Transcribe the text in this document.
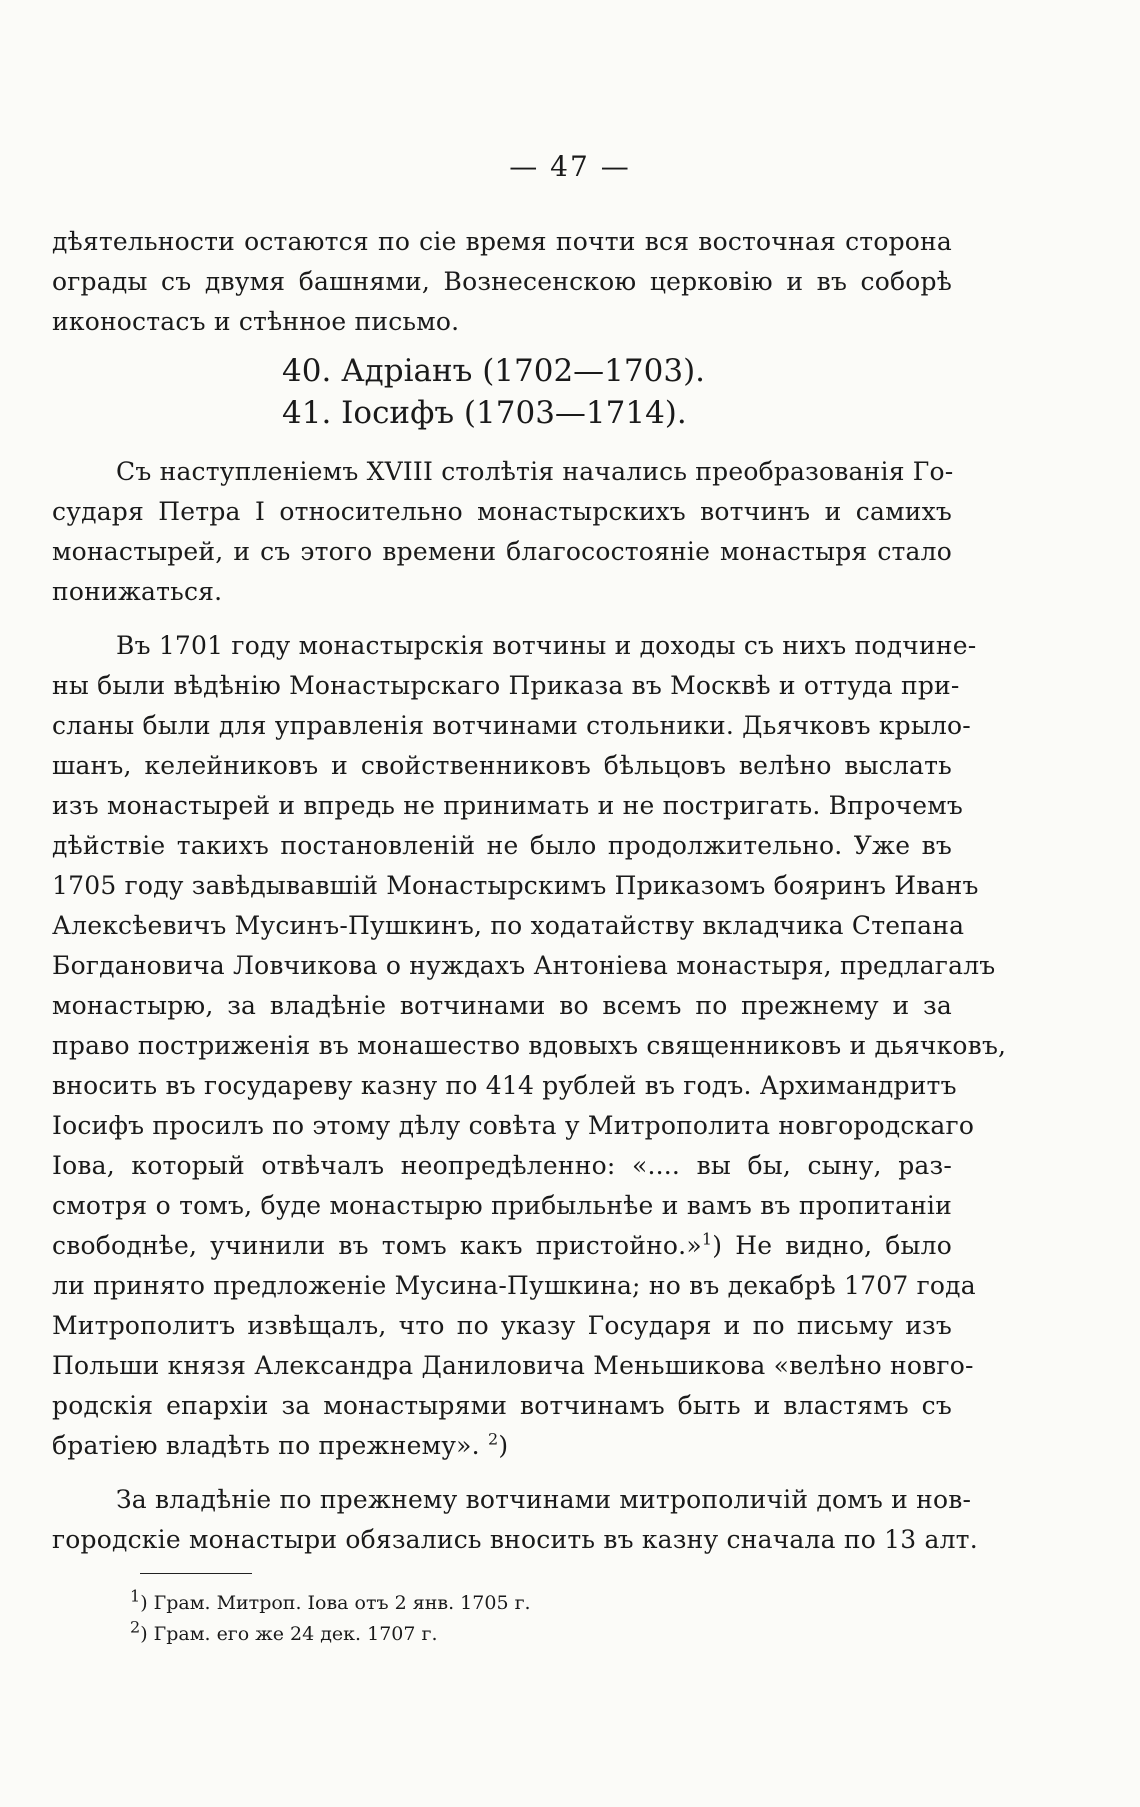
— 47 —
дѣятельности остаются по сіе время почти вся восточная сторона
ограды съ двумя башнями, Вознесенскою церковію и въ соборѣ
иконостасъ и стѣнное письмо.
40. Адріанъ (1702—1703).
41. Іосифъ (1703—1714).
Съ наступленіемъ XVIII столѣтія начались преобразованія Го-
сударя Петра I относительно монастырскихъ вотчинъ и самихъ
монастырей, и съ этого времени благосостояніе монастыря стало
понижаться.
Въ 1701 году монастырскія вотчины и доходы съ нихъ подчине-
ны были вѣдѣнію Монастырскаго Приказа въ Москвѣ и оттуда при-
сланы были для управленія вотчинами стольники. Дьячковъ крыло-
шанъ, келейниковъ и свойственниковъ бѣльцовъ велѣно выслать
изъ монастырей и впредь не принимать и не постригать. Впрочемъ
дѣйствіе такихъ постановленій не было продолжительно. Уже въ
1705 году завѣдывавшій Монастырскимъ Приказомъ бояринъ Иванъ
Алексѣевичъ Мусинъ-Пушкинъ, по ходатайству вкладчика Степана
Богдановича Ловчикова о нуждахъ Антоніева монастыря, предлагалъ
монастырю, за владѣніе вотчинами во всемъ по прежнему и за
право постриженія въ монашество вдовыхъ священниковъ и дьячковъ,
вносить въ государеву казну по 414 рублей въ годъ. Архимандритъ
Іосифъ просилъ по этому дѣлу совѣта у Митрополита новгородскаго
Іова, который отвѣчалъ неопредѣленно: «.... вы бы, сыну, раз-
смотря о томъ, буде монастырю прибыльнѣе и вамъ въ пропитаніи
свободнѣе, учинили въ томъ какъ пристойно.»$^1$) Не видно, было
ли принято предложеніе Мусина-Пушкина; но въ декабрѣ 1707 года
Митрополитъ извѣщалъ, что по указу Государя и по письму изъ
Польши князя Александра Даниловича Меньшикова «велѣно новго-
родскія епархіи за монастырями вотчинамъ быть и властямъ съ
братіею владѣть по прежнему». $^2$)
За владѣніе по прежнему вотчинами митрополичій домъ и нов-
городскіе монастыри обязались вносить въ казну сначала по 13 алт.
$^1$) Грам. Митроп. Іова отъ 2 янв. 1705 г.
$^2$) Грам. его же 24 дек. 1707 г.
